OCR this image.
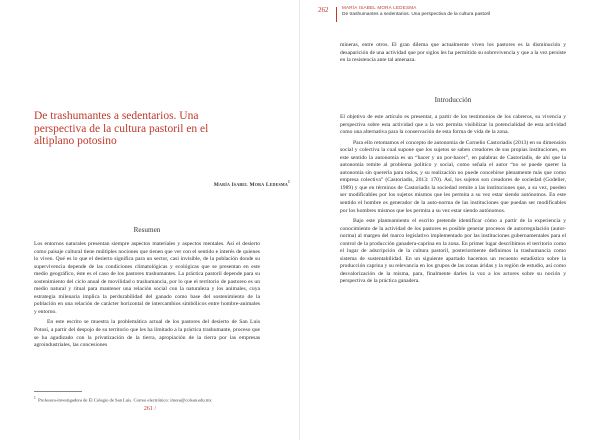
De trashumantes a sedentarios. Una perspectiva de la cultura pastoril en el altiplano potosino
María Isabel Mora Ledesma$^1$
Resumen

Los entornos naturales presentan siempre aspectos materiales y aspectos mentales. Así el desierto como paisaje cultural tiene múltiples nociones que tienen que ver con el sentido e interés de quienes lo viven. Qué es lo que el desierto significa para un sector, casi invisible, de la población donde su supervivencia depende de las condiciones climatológicas y ecológicas que se presentan en este medio geográfico, éste es el caso de los pastores trashumantes. La práctica pastoril depende para su sostenimiento del ciclo anual de movilidad o trashumancia, por lo que el territorio de pastoreo es un medio natural y ritual para mantener una relación social con la naturaleza y los animales, cuya estrategia milenaria implica la perdurabilidad del ganado como base del sostenimiento de la población en una relación de carácter horizontal de intercambios simbólicos entre hombre-animales y entorno.

En este escrito se muestra la problemática actual de los pastores del desierto de San Luis Potosí, a partir del despojo de su territorio que les ha limitado a la práctica trashumante, proceso que se ha agudizado con la privatización de la tierra, apropiación de la tierra por las empresas agroindustriales, las concesiones

$^1$ Profesora-investigadora de El Colegio de San Luis. Correo electrónico: imora@colsan.edu.mx

261 /
262	MARÍA ISABEL MORA LEDESMA
De trashumantes a sedentarios. Una perspectiva de la cultura pastoril

mineras, entre otros. El gran dilema que actualmente viven los pastores es la disminución y desaparición de una actividad que por siglos les ha permitido su sobrevivencia y que a la vez persiste en la resistencia ante tal amenaza.

Introducción

El objetivo de este artículo es presentar, a partir de los testimonios de los cabreros, su vivencia y perspectiva sobre esta actividad que a la vez permita visibilizar la potencialidad de esta actividad como una alternativa para la conservación de esta forma de vida de la zona.

Para ello retomamos el concepto de autonomía de Cornelio Castoriadis (2013) en su dimensión social y colectiva la cual supone que los sujetos se saben creadores de sus propias instituciones, en este sentido la autonomía es un “hacer y un por-hacer”, en palabras de Castoriadis, de ahí que la autonomía remite al problema político y social, como señala el autor “no se puede querer la autonomía sin quererla para todos, y su realización no puede concebirse plenamente más que como empresa colectiva” (Castoriadis, 2013: 170). Así, los sujetos son creadores de sociedad (Godelier, 1989) y que en términos de Castoriadis la sociedad remite a las instituciones que, a su vez, pueden ser modificables por los sujetos mismos que les permita a su vez estar siendo autónomos. En este sentido el hombre es generador de la auto-norma de las instituciones que puedan ser modificables por los hombres mismos que les permita a su vez estar siendo autónomos.

Bajo este planteamiento el escrito pretende identificar cómo a partir de la experiencia y conocimiento de la actividad de los pastores es posible generar procesos de autorregulación (autor-norma) al margen del marco legislativo implementado por las instituciones gubernamentales para el control de la producción ganadera-caprina en la zona. En primer lugar describimos el territorio como el lugar de adscripción de la cultura pastoril, posteriormente definimos la trashumancia como sistema de sustentabilidad. En un siguiente apartado hacemos un recuento estadístico sobre la producción caprina y su relevancia en los grupos de las zonas áridas y la región de estudio, así como desvalorización de la misma, para, finalmente darles la voz a los actores sobre su noción y perspectiva de la práctica ganadera.
